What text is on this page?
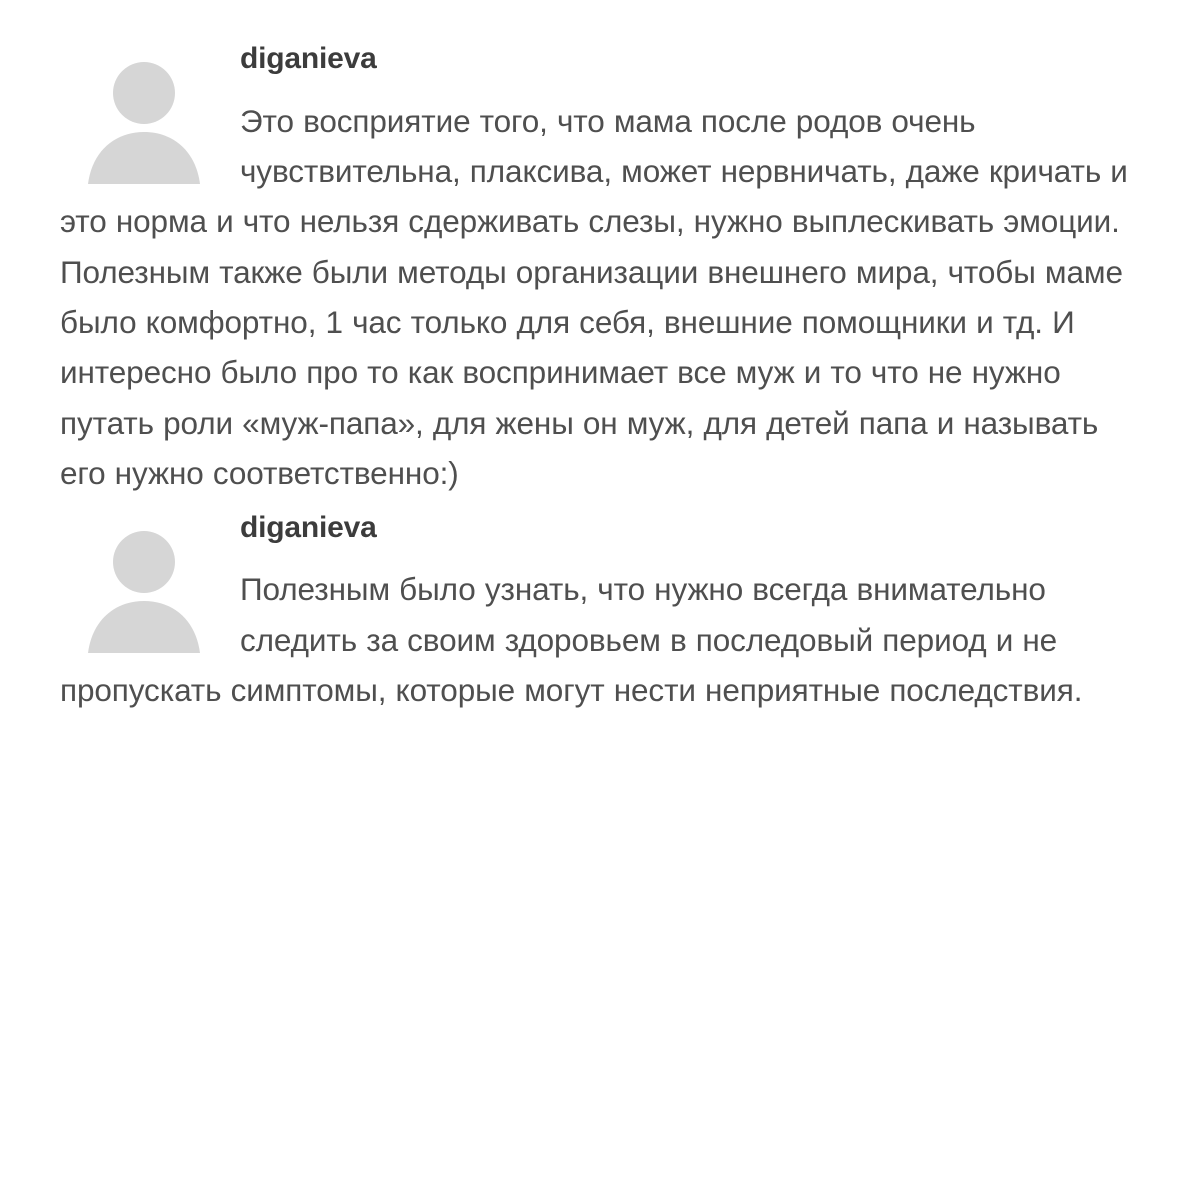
diganieva
Это восприятие того, что мама после родов очень чувствительна, плаксива, может нервничать, даже кричать и это норма и что нельзя сдерживать слезы, нужно выплескивать эмоции. Полезным также были методы организации внешнего мира, чтобы маме было комфортно, 1 час только для себя, внешние помощники и тд. И интересно было про то как воспринимает все муж и то что не нужно путать роли «муж-папа», для жены он муж, для детей папа и называть его нужно соответственно:)
diganieva
Полезным было узнать, что нужно всегда внимательно следить за своим здоровьем в последовый период и не пропускать симптомы, которые могут нести неприятные последствия.
